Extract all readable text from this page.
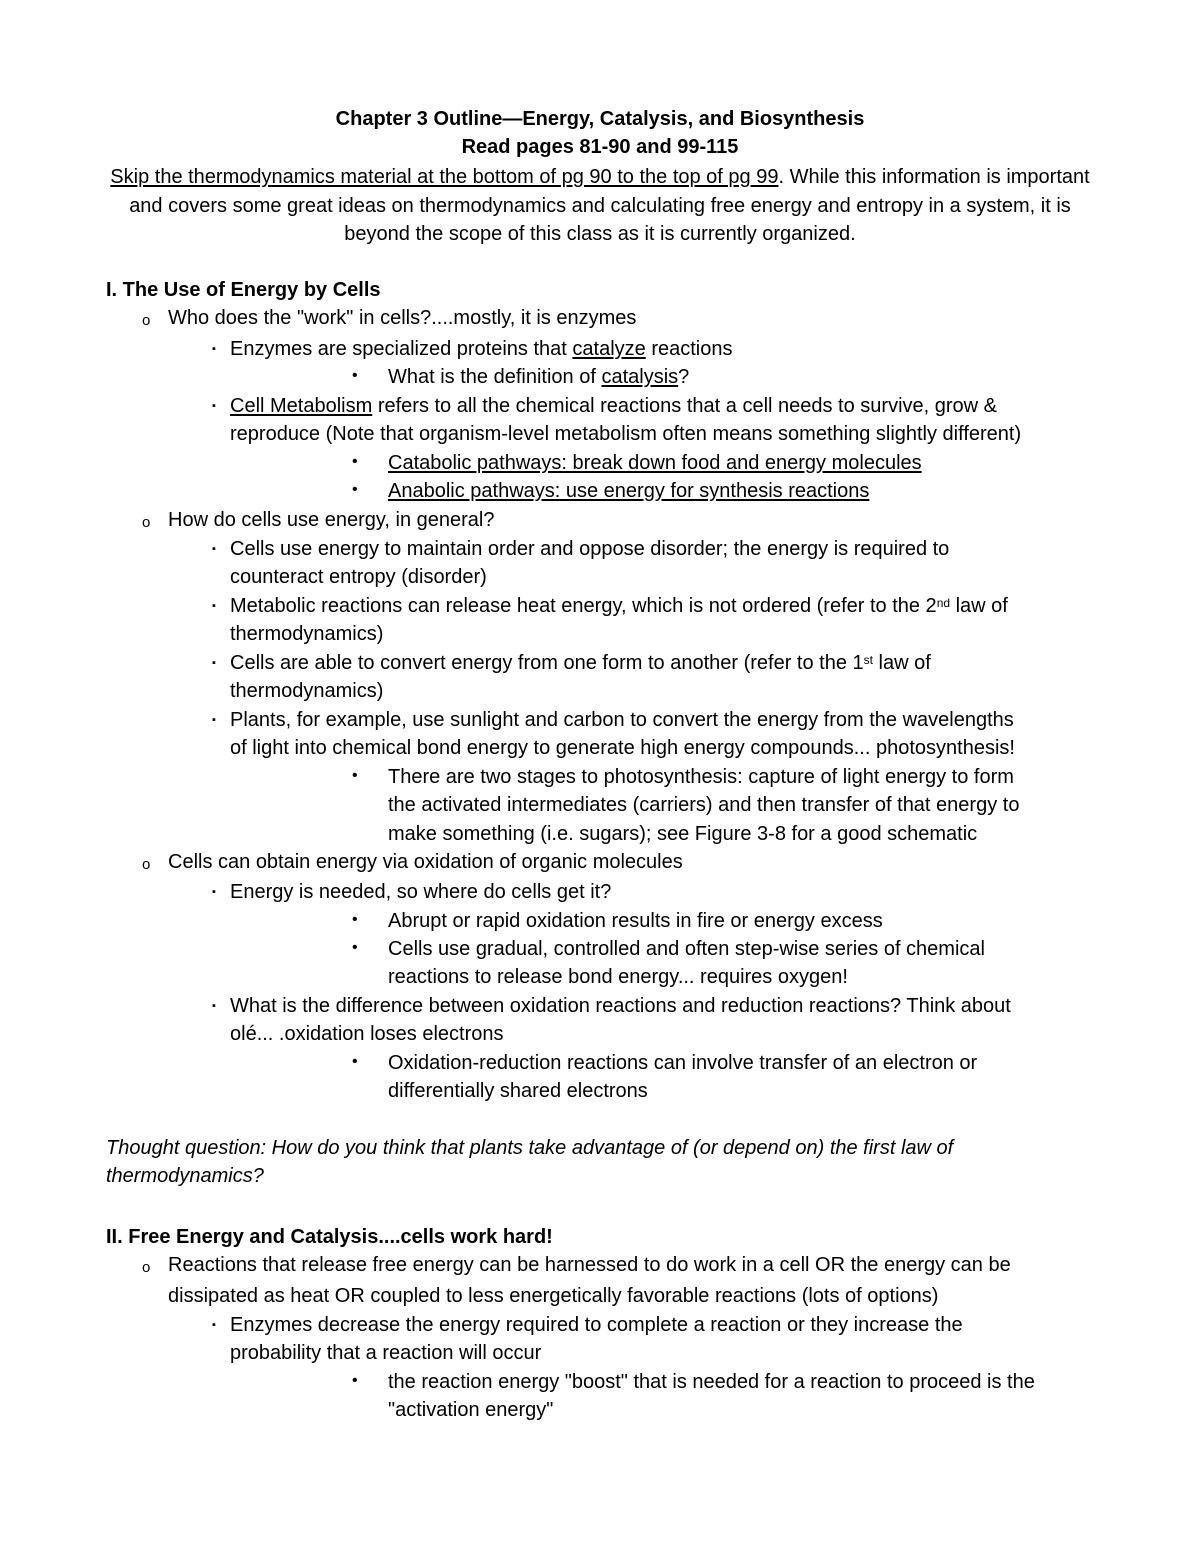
Chapter 3 Outline—Energy, Catalysis, and Biosynthesis
Read pages 81-90 and 99-115
Skip the thermodynamics material at the bottom of pg 90 to the top of pg 99. While this information is important and covers some great ideas on thermodynamics and calculating free energy and entropy in a system, it is beyond the scope of this class as it is currently organized.
I. The Use of Energy by Cells
o Who does the "work" in cells?....mostly, it is enzymes
▪ Enzymes are specialized proteins that catalyze reactions
• What is the definition of catalysis?
▪ Cell Metabolism refers to all the chemical reactions that a cell needs to survive, grow &
reproduce (Note that organism-level metabolism often means something slightly different)
• Catabolic pathways: break down food and energy molecules
• Anabolic pathways: use energy for synthesis reactions
o How do cells use energy, in general?
▪ Cells use energy to maintain order and oppose disorder; the energy is required to
counteract entropy (disorder)
▪ Metabolic reactions can release heat energy, which is not ordered (refer to the 2nd law of
thermodynamics)
▪ Cells are able to convert energy from one form to another (refer to the 1st law of
thermodynamics)
▪ Plants, for example, use sunlight and carbon to convert the energy from the wavelengths
of light into chemical bond energy to generate high energy compounds... photosynthesis!
• There are two stages to photosynthesis: capture of light energy to form
the activated intermediates (carriers) and then transfer of that energy to
make something (i.e. sugars); see Figure 3-8 for a good schematic
o Cells can obtain energy via oxidation of organic molecules
▪ Energy is needed, so where do cells get it?
• Abrupt or rapid oxidation results in fire or energy excess
• Cells use gradual, controlled and often step-wise series of chemical
reactions to release bond energy... requires oxygen!
▪ What is the difference between oxidation reactions and reduction reactions? Think about
olé... .oxidation loses electrons
• Oxidation-reduction reactions can involve transfer of an electron or
differentially shared electrons
Thought question: How do you think that plants take advantage of (or depend on) the first law of
thermodynamics?
II. Free Energy and Catalysis....cells work hard!
o Reactions that release free energy can be harnessed to do work in a cell OR the energy can be
dissipated as heat OR coupled to less energetically favorable reactions (lots of options)
▪ Enzymes decrease the energy required to complete a reaction or they increase the
probability that a reaction will occur
• the reaction energy "boost" that is needed for a reaction to proceed is the
"activation energy"
